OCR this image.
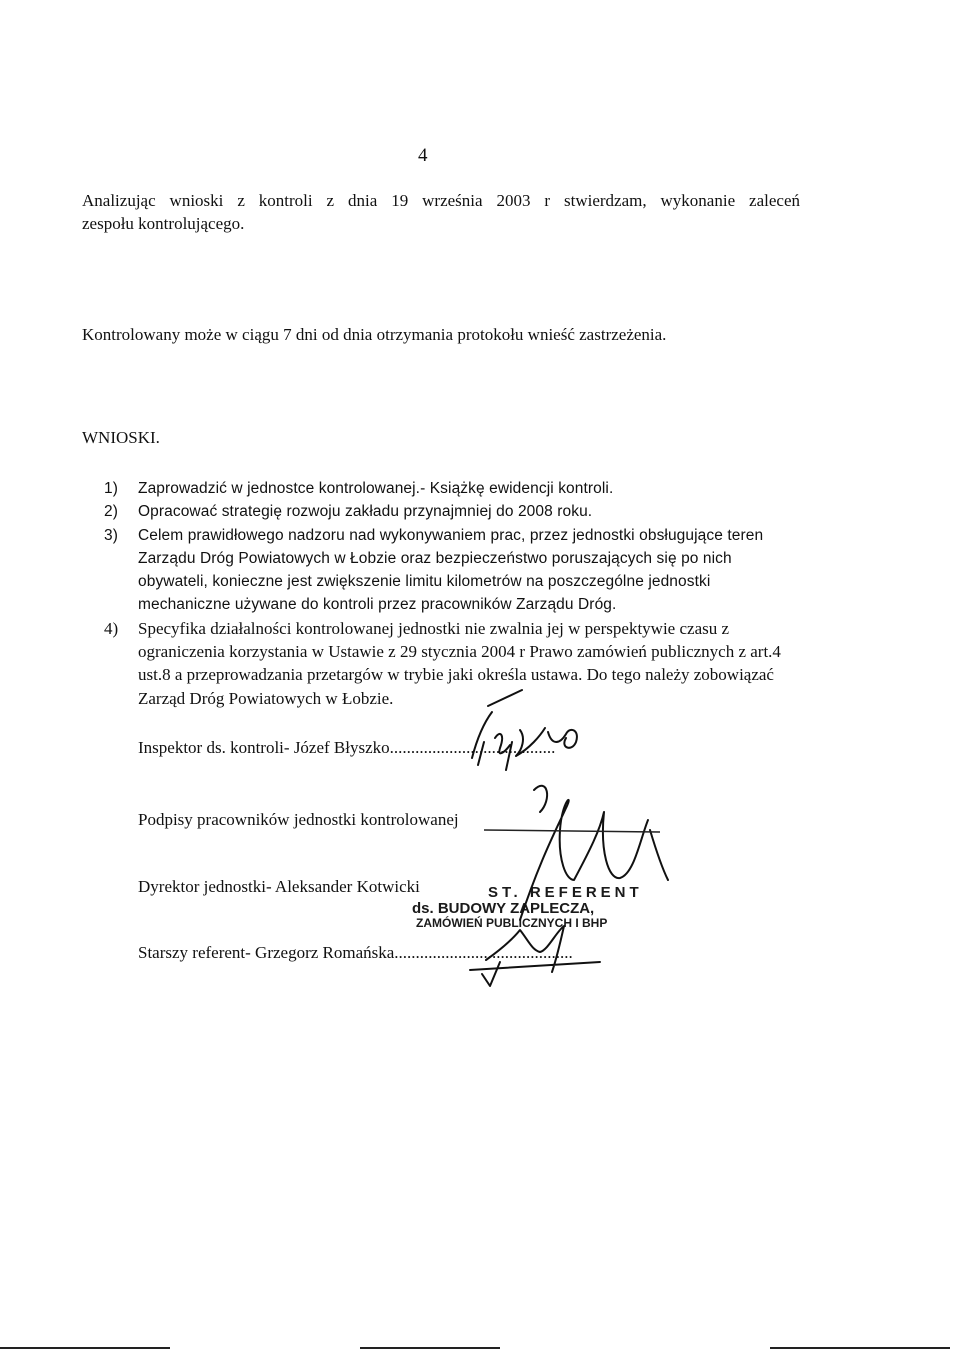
4
Analizując wnioski z kontroli z dnia 19 września 2003 r stwierdzam, wykonanie zaleceń
zespołu kontrolującego.
Kontrolowany może w ciągu 7 dni od dnia otrzymania protokołu wnieść zastrzeżenia.
WNIOSKI.
1) Zaprowadzić w jednostce kontrolowanej.- Książkę ewidencji kontroli.
2) Opracować strategię rozwoju zakładu przynajmniej do 2008 roku.
3) Celem prawidłowego nadzoru nad wykonywaniem prac, przez jednostki obsługujące teren Zarządu Dróg Powiatowych w Łobzie oraz bezpieczeństwo poruszających się po nich obywateli, konieczne jest zwiększenie limitu kilometrów na poszczególne jednostki mechaniczne używane do kontroli przez pracowników Zarządu Dróg.
4) Specyfika działalności kontrolowanej jednostki nie zwalnia jej w perspektywie czasu z ograniczenia korzystania w Ustawie z 29 stycznia 2004 r Prawo zamówień publicznych z art.4 ust.8 a przeprowadzania przetargów w trybie jaki określa ustawa. Do tego należy zobowiązać Zarząd Dróg Powiatowych w Łobzie.
Inspektor ds. kontroli- Józef Błyszko.......................................
Podpisy pracowników jednostki kontrolowanej
Dyrektor jednostki- Aleksander Kotwicki
Starszy referent- Grzegorz Romańska..........................................
ST. REFERENT
ds. BUDOWY ZAPLECZA,
ZAMÓWIEŃ PUBLICZNYCH I BHP
